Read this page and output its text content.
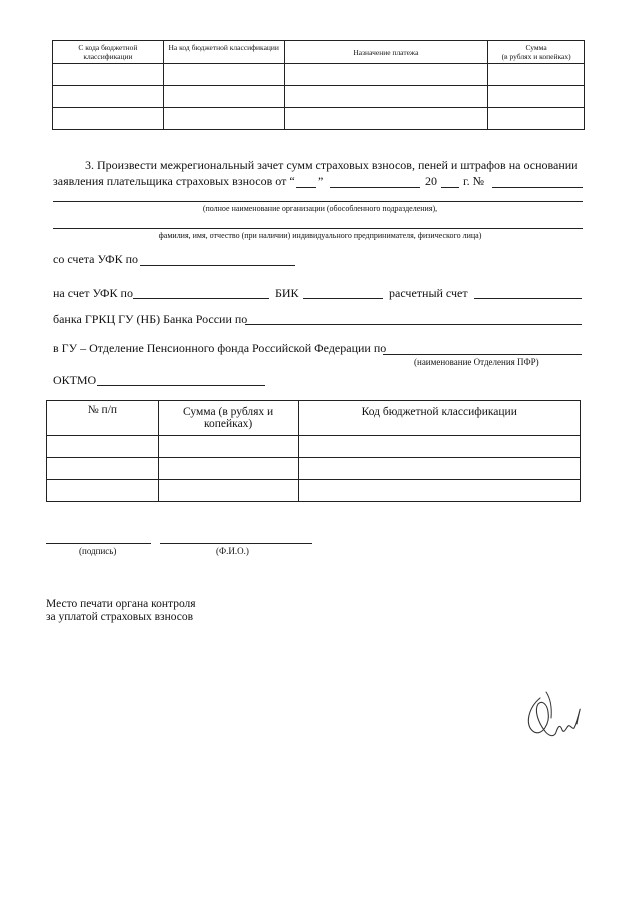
С кода бюджетной классификации	На код бюджетной классификации	Назначение платежа	Сумма
(в рублях и копейках)

3. Произвести межрегиональный зачет сумм страховых взносов, пеней и штрафов на основании
заявления плательщика страховых взносов от “ ”	20 г. №
(полное наименование организации (обособленного подразделения),
фамилия, имя, отчество (при наличии) индивидуального предпринимателя, физического лица)
со счета УФК по
на счет УФК по	БИК	расчетный счет
банка ГРКЦ ГУ (НБ) Банка России по
в ГУ – Отделение Пенсионного фонда Российской Федерации по
(наименование Отделения ПФР)
ОКТМО
№ п/п	Сумма (в рублях и копейках)	Код бюджетной классификации

(подпись)	(Ф.И.О.)
Место печати органа контроля
за уплатой страховых взносов
